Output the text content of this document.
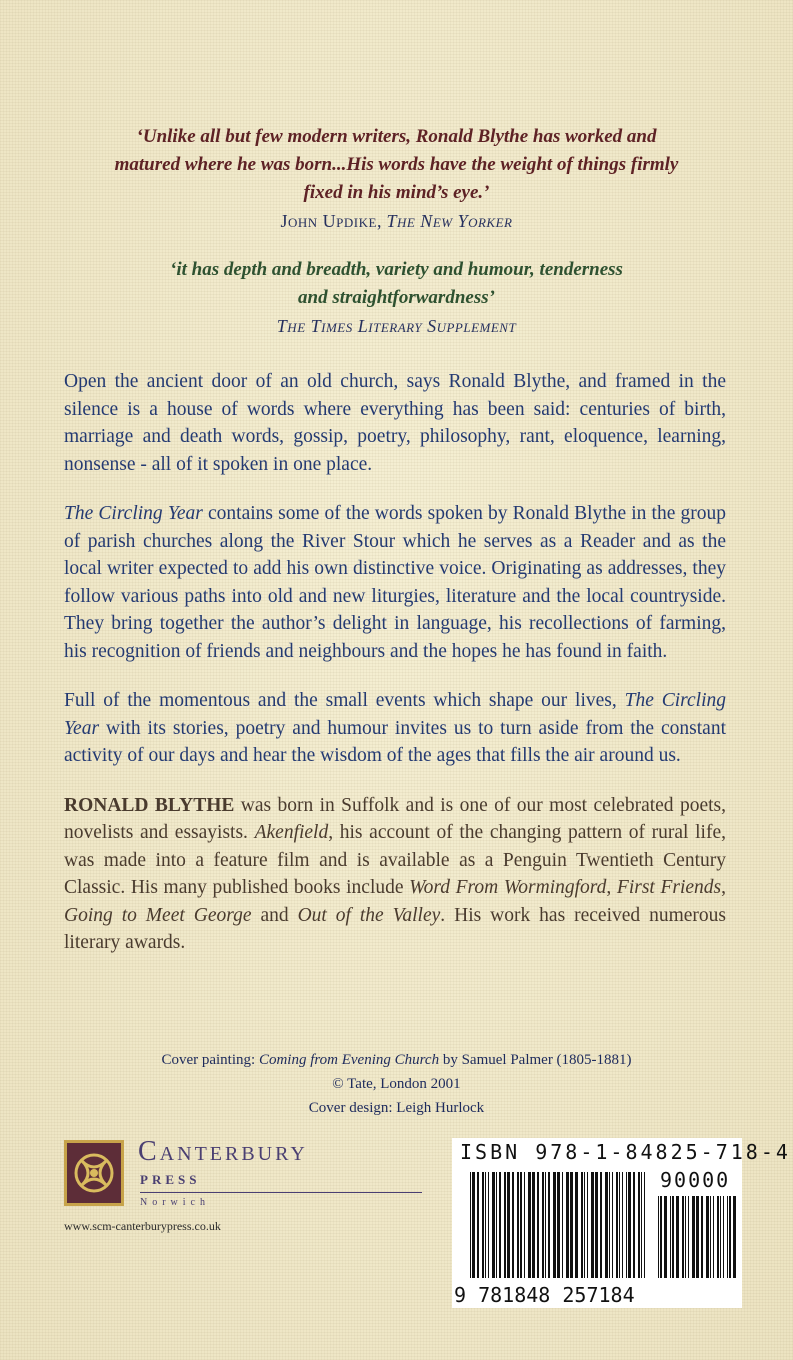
‘Unlike all but few modern writers, Ronald Blythe has worked and
matured where he was born...His words have the weight of things firmly
fixed in his mind’s eye.’
John Updike, The New Yorker
‘it has depth and breadth, variety and humour, tenderness
and straightforwardness’
The Times Literary Supplement

Open the ancient door of an old church, says Ronald Blythe, and framed in the silence is a house of words where everything has been said: centuries of birth, marriage and death words, gossip, poetry, philosophy, rant, eloquence, learning, nonsense - all of it spoken in one place.

The Circling Year contains some of the words spoken by Ronald Blythe in the group of parish churches along the River Stour which he serves as a Reader and as the local writer expected to add his own distinctive voice. Originating as addresses, they follow various paths into old and new liturgies, literature and the local countryside. They bring together the author’s delight in language, his recollections of farming, his recognition of friends and neighbours and the hopes he has found in faith.

Full of the momentous and the small events which shape our lives, The Circling Year with its stories, poetry and humour invites us to turn aside from the constant activity of our days and hear the wisdom of the ages that fills the air around us.

RONALD BLYTHE was born in Suffolk and is one of our most celebrated poets, novelists and essayists. Akenfield, his account of the changing pattern of rural life, was made into a feature film and is available as a Penguin Twentieth Century Classic. His many published books include Word From Wormingford, First Friends, Going to Meet George and Out of the Valley. His work has received numerous literary awards.

Cover painting: Coming from Evening Church by Samuel Palmer (1805-1881)
© Tate, London 2001
Cover design: Leigh Hurlock
Canterbury
PRESS
Norwich
www.scm-canterburypress.co.uk
ISBN 978-1-84825-718-4
90000
9 781848 257184
